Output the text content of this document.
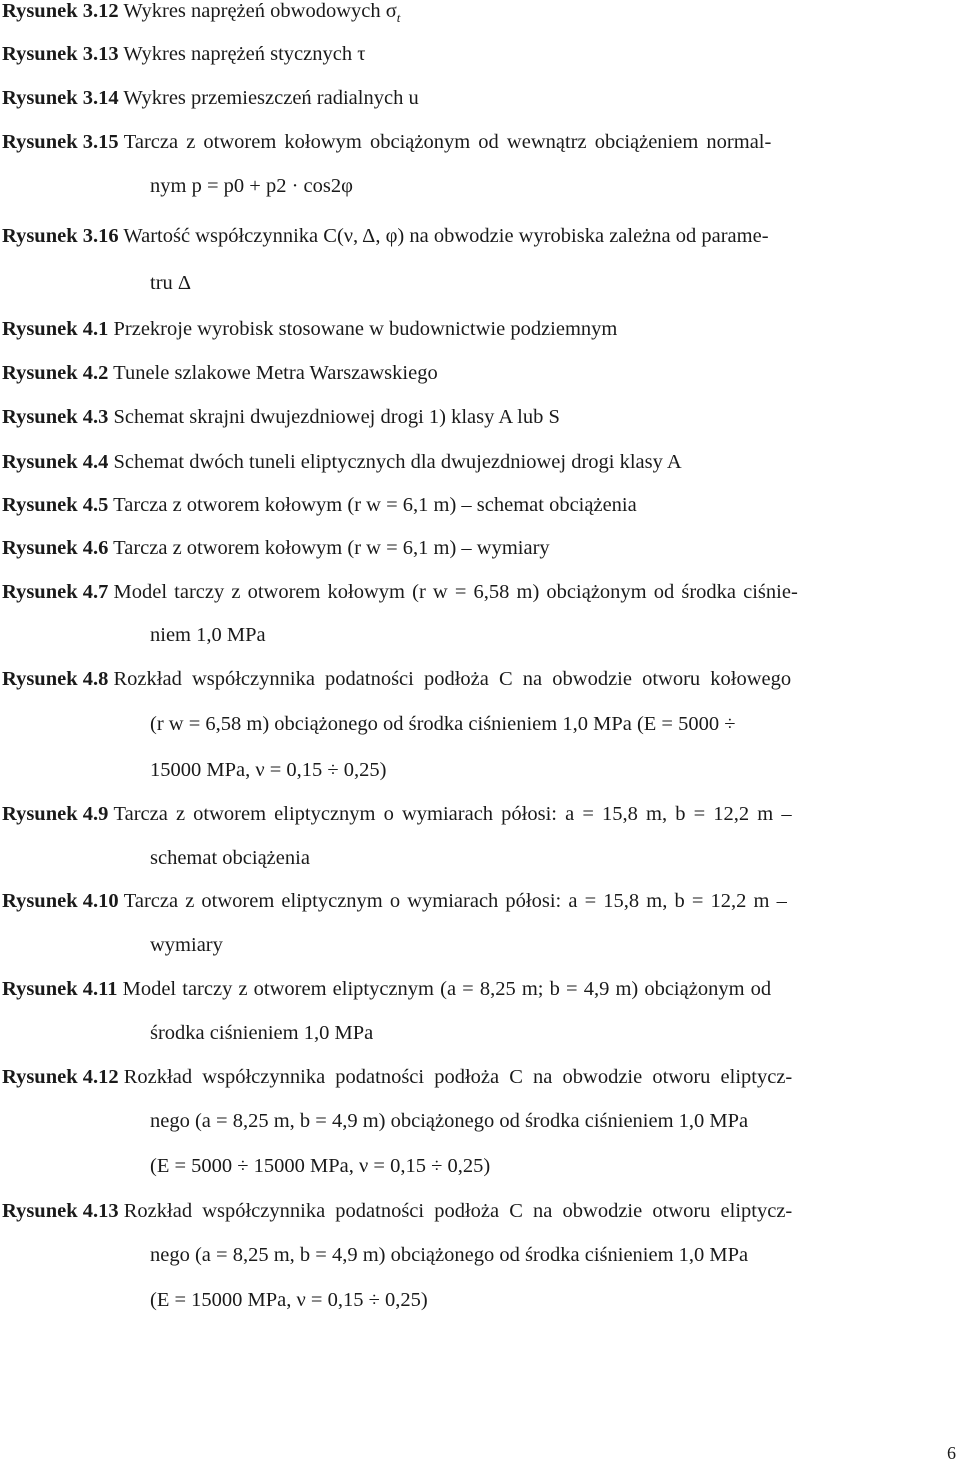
Rysunek 3.12 Wykres naprężeń obwodowych $\sigma_t$
Rysunek 3.13 Wykres naprężeń stycznych τ
Rysunek 3.14 Wykres przemieszczeń radialnych u
Rysunek 3.15 Tarcza z otworem kołowym obciążonym od wewnątrz obciążeniem normal-
nym p = p0 + p2 · cos2φ
Rysunek 3.16 Wartość współczynnika C(ν, Δ, φ) na obwodzie wyrobiska zależna od parame-
tru Δ
Rysunek 4.1 Przekroje wyrobisk stosowane w budownictwie podziemnym
Rysunek 4.2 Tunele szlakowe Metra Warszawskiego
Rysunek 4.3 Schemat skrajni dwujezdniowej drogi 1) klasy A lub S
Rysunek 4.4 Schemat dwóch tuneli eliptycznych dla dwujezdniowej drogi klasy A
Rysunek 4.5 Tarcza z otworem kołowym (r w = 6,1 m) – schemat obciążenia
Rysunek 4.6 Tarcza z otworem kołowym (r w = 6,1 m) – wymiary
Rysunek 4.7 Model tarczy z otworem kołowym (r w = 6,58 m) obciążonym od środka ciśnie-
niem 1,0 MPa
Rysunek 4.8 Rozkład współczynnika podatności podłoża C na obwodzie otworu kołowego
(r w = 6,58 m) obciążonego od środka ciśnieniem 1,0 MPa (E = 5000 ÷
15000 MPa, ν = 0,15 ÷ 0,25)
Rysunek 4.9 Tarcza z otworem eliptycznym o wymiarach półosi: a = 15,8 m, b = 12,2 m –
schemat obciążenia
Rysunek 4.10 Tarcza z otworem eliptycznym o wymiarach półosi: a = 15,8 m, b = 12,2 m –
wymiary
Rysunek 4.11 Model tarczy z otworem eliptycznym (a = 8,25 m; b = 4,9 m) obciążonym od
środka ciśnieniem 1,0 MPa
Rysunek 4.12 Rozkład współczynnika podatności podłoża C na obwodzie otworu eliptycz-
nego (a = 8,25 m, b = 4,9 m) obciążonego od środka ciśnieniem 1,0 MPa
(E = 5000 ÷ 15000 MPa, ν = 0,15 ÷ 0,25)
Rysunek 4.13 Rozkład współczynnika podatności podłoża C na obwodzie otworu eliptycz-
nego (a = 8,25 m, b = 4,9 m) obciążonego od środka ciśnieniem 1,0 MPa
(E = 15000 MPa, ν = 0,15 ÷ 0,25)
6
